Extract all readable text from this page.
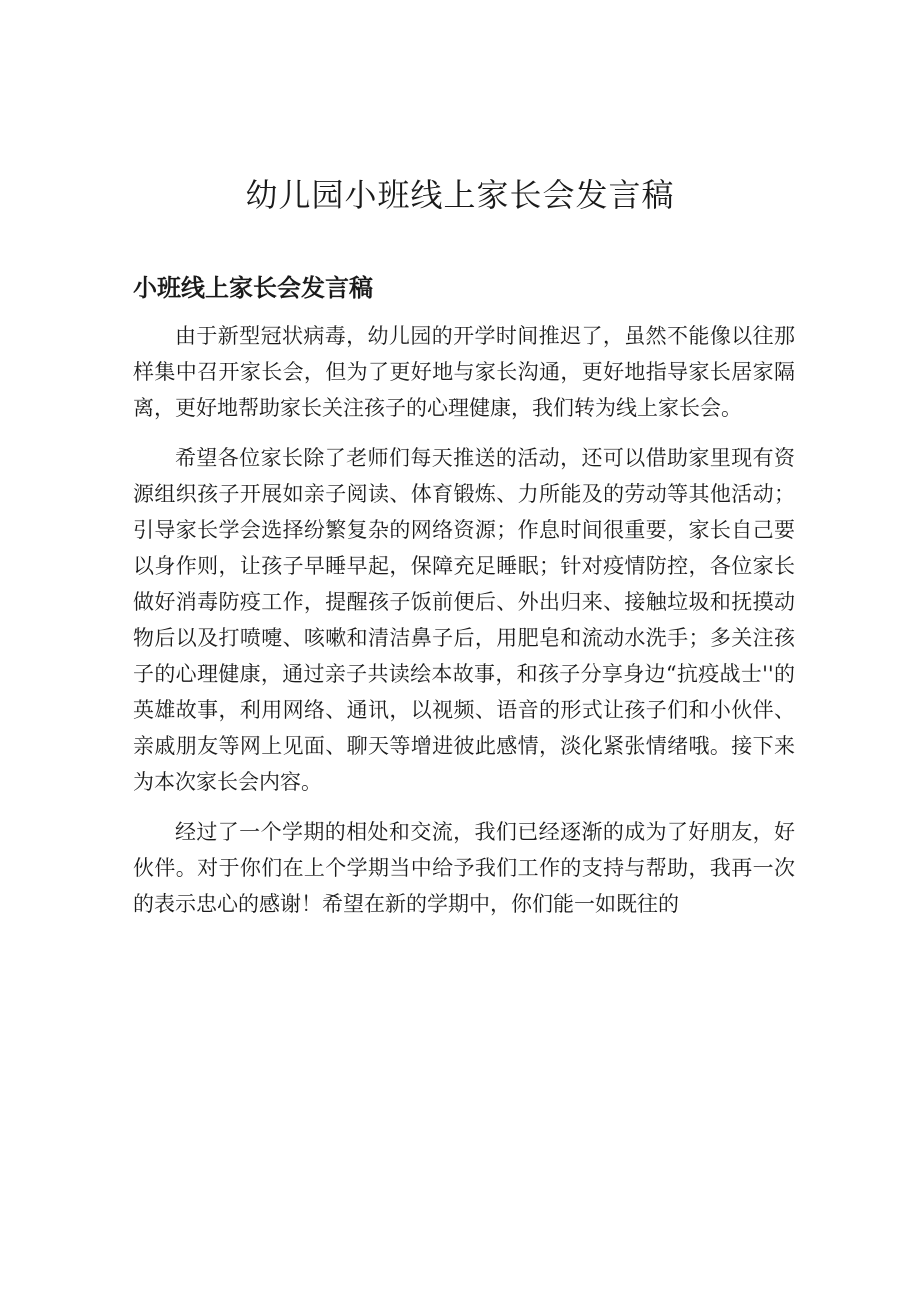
幼儿园小班线上家长会发言稿
小班线上家长会发言稿

由于新型冠状病毒，幼儿园的开学时间推迟了，虽然不能像以往那样集中召开家长会，但为了更好地与家长沟通，更好地指导家长居家隔离，更好地帮助家长关注孩子的心理健康，我们转为线上家长会。

希望各位家长除了老师们每天推送的活动，还可以借助家里现有资源组织孩子开展如亲子阅读、体育锻炼、力所能及的劳动等其他活动；引导家长学会选择纷繁复杂的网络资源；作息时间很重要，家长自己要以身作则，让孩子早睡早起，保障充足睡眠；针对疫情防控，各位家长做好消毒防疫工作，提醒孩子饭前便后、外出归来、接触垃圾和抚摸动物后以及打喷嚏、咳嗽和清洁鼻子后，用肥皂和流动水洗手；多关注孩子的心理健康，通过亲子共读绘本故事，和孩子分享身边“抗疫战士''的英雄故事，利用网络、通讯，以视频、语音的形式让孩子们和小伙伴、亲戚朋友等网上见面、聊天等增进彼此感情，淡化紧张情绪哦。接下来为本次家长会内容。

经过了一个学期的相处和交流，我们已经逐渐的成为了好朋友，好伙伴。对于你们在上个学期当中给予我们工作的支持与帮助，我再一次的表示忠心的感谢！希望在新的学期中，你们能一如既往的
